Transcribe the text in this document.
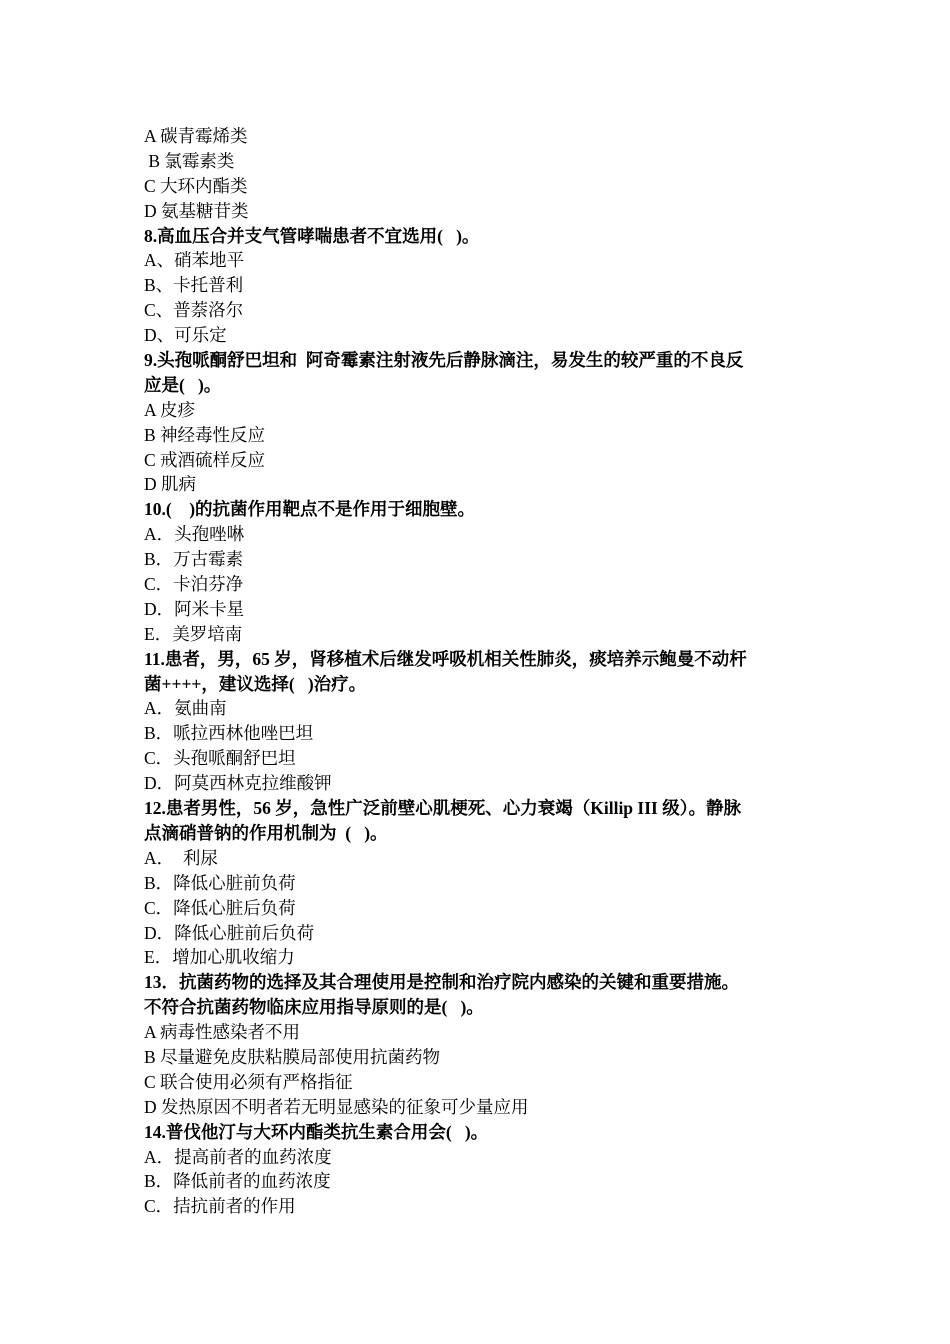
A 碳青霉烯类
B 氯霉素类
C 大环内酯类
D 氨基糖苷类
8.高血压合并支气管哮喘患者不宜选用(   )。
A、硝苯地平
B、卡托普利
C、普萘洛尔
D、可乐定
9.头孢哌酮舒巴坦和  阿奇霉素注射液先后静脉滴注，易发生的较严重的不良反
应是(   )。
A 皮疹
B 神经毒性反应
C 戒酒硫样反应
D 肌病
10.(    )的抗菌作用靶点不是作用于细胞壁。
A．头孢唑啉
B．万古霉素
C．卡泊芬净
D．阿米卡星
E．美罗培南
11.患者，男，65 岁，肾移植术后继发呼吸机相关性肺炎，痰培养示鲍曼不动杆
菌++++，建议选择(   )治疗。
A．氨曲南
B．哌拉西林他唑巴坦
C．头孢哌酮舒巴坦
D．阿莫西林克拉维酸钾
12.患者男性，56 岁，急性广泛前壁心肌梗死、心力衰竭（Killip III 级）。静脉
点滴硝普钠的作用机制为  (   )。
A．  利尿
B．降低心脏前负荷
C．降低心脏后负荷
D．降低心脏前后负荷
E．增加心肌收缩力
13．抗菌药物的选择及其合理使用是控制和治疗院内感染的关键和重要措施。
不符合抗菌药物临床应用指导原则的是(   )。
A 病毒性感染者不用
B 尽量避免皮肤粘膜局部使用抗菌药物
C 联合使用必须有严格指征
D 发热原因不明者若无明显感染的征象可少量应用
14.普伐他汀与大环内酯类抗生素合用会(   )。
A．提高前者的血药浓度
B．降低前者的血药浓度
C．拮抗前者的作用
